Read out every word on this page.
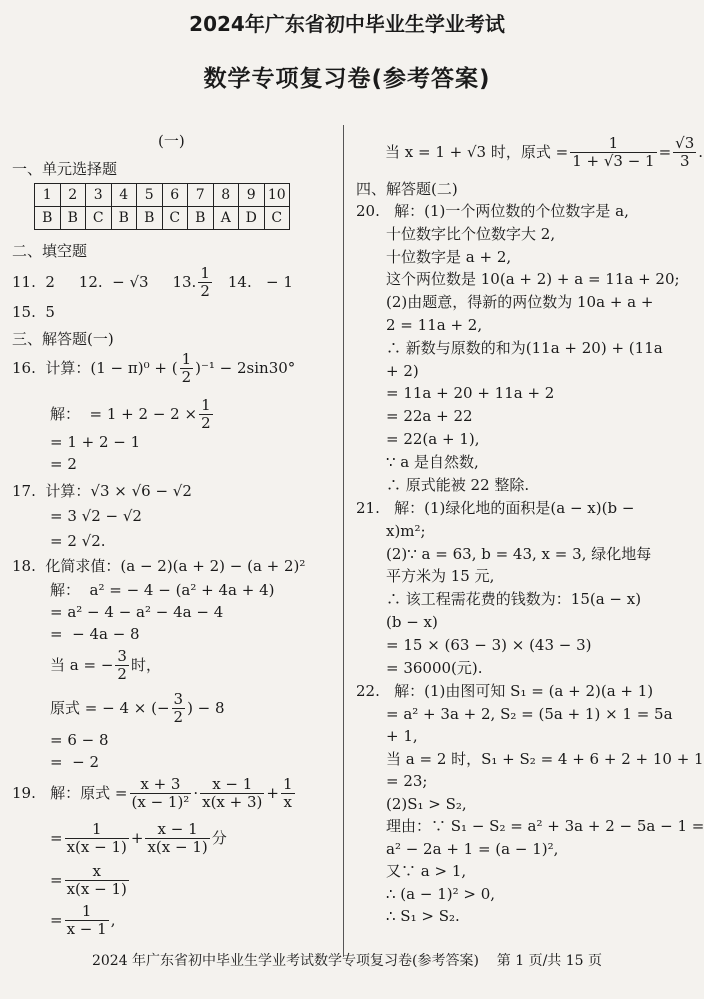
2024年广东省初中毕业生学业考试
数学专项复习卷(参考答案)
(一)
一、单元选择题
1	2	3	4	5	6	7	8	9	10
B	B	C	B	B	C	B	A	D	C
二、填空题
11.  2     12.  − √3     13. $\frac{1}{2} 14$.   − 1
15.  5
三、解答题(一)
16.  计算：(1 − π)⁰ + ( $\frac{1}{2} )^{-1} - 2\sin 30^\circ$
解：  = $1 + 2 - 2 \times \frac{1}{2}$
= 1 + 2 − 1
= 2
17.  计算：√3 × √6 − √2
= 3 √2 − √2
= 2 √2.
18.  化简求值：(a − 2)(a + 2) − (a + 2)²
解：  a² = − 4 − (a² + 4a + 4)
= a² − 4 − a² − 4a − 4
=  − 4a − 8
当 a = − $\frac{3}{2}$ 时，
原式 = − 4 × (− $\frac{3}{2}$ ) − 8
= 6 − 8
=  − 2
19.   解：原式 = $\frac{x + 3}{\text{(x − 1)²}} \cdot \frac{x - 1}{x(x + 3)} + \frac{1}{x}$
= $\frac{1}{x(x - 1)} + \frac{x - 1}{x(x - 1)}$ 分
= $\frac{x}{x(x - 1)}$
= $\frac{1}{x - 1}$ ,
当 x = 1 + √3 时，原式 = $\frac{1}{1 + √3 - 1} = \frac{√3}{3}$ .
四、解答题(二)
20.   解：(1)一个两位数的个位数字是 a,
十位数字比个位数字大 2,
十位数字是 a + 2,
这个两位数是 10(a + 2) + a = 11a + 20;
(2)由题意，得新的两位数为 10a + a +
2 = 11a + 2,
∴ 新数与原数的和为(11a + 20) + (11a
+ 2)
= 11a + 20 + 11a + 2
= 22a + 22
= 22(a + 1),
∵ a 是自然数,
∴ 原式能被 22 整除.
21.   解：(1)绿化地的面积是(a − x)(b −
x)m²;
(2)∵ a = 63, b = 43, x = 3, 绿化地每
平方米为 15 元,
∴ 该工程需花费的钱数为：15(a − x)
(b − x)
= 15 × (63 − 3) × (43 − 3)
= 36000(元).
22.   解：(1)由图可知 S₁ = (a + 2)(a + 1)
= a² + 3a + 2, S₂ = (5a + 1) × 1 = 5a
+ 1,
当 a = 2 时，S₁ + S₂ = 4 + 6 + 2 + 10 + 1
= 23;
(2)S₁ > S₂,
理由：∵ S₁ − S₂ = a² + 3a + 2 − 5a − 1 =
a² − 2a + 1 = (a − 1)²,
又∵ a > 1,
∴ (a − 1)² > 0,
∴ S₁ > S₂.
2024 年广东省初中毕业生学业考试数学专项复习卷(参考答案)    第 1 页/共 15 页
